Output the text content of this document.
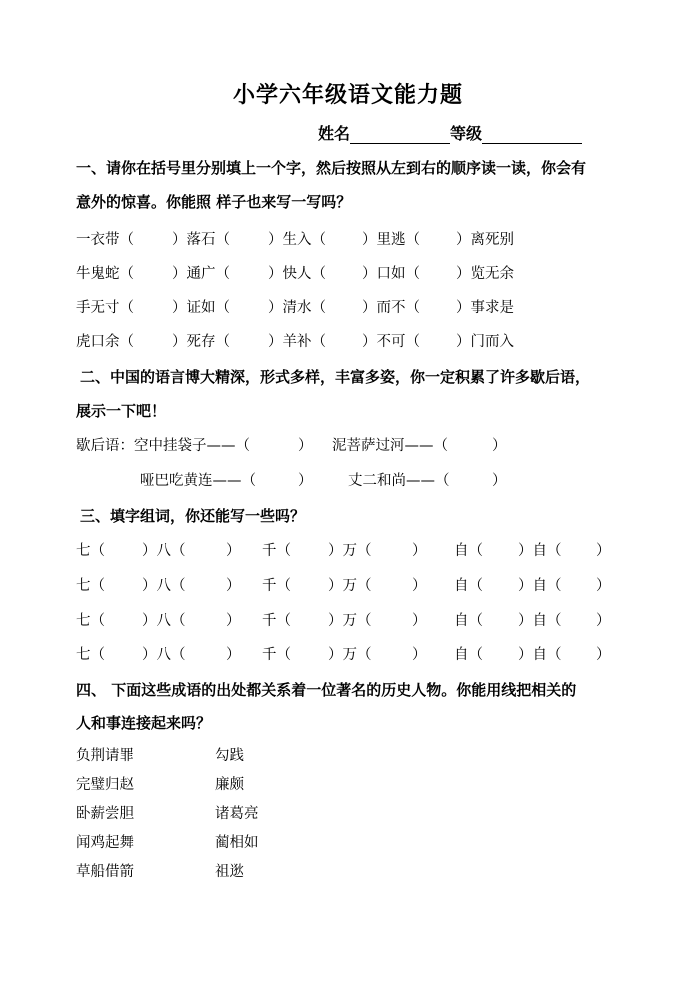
小学六年级语文能力题
姓名	等级
一、请你在括号里分别填上一个字，然后按照从左到右的顺序读一读，你会有
意外的惊喜。你能照 样子也来写一写吗？
一衣带（	）落石（	）生入（ ）里逃（ ）离死别
牛鬼蛇（	）通广（	）快人（ ）口如（ ）览无余
手无寸（	）证如（	）清水（ ）而不（ ）事求是
虎口余（	）死存（	）羊补（ ）不可（ ）门而入
二、中国的语言博大精深，形式多样，丰富多姿，你一定积累了许多歇后语，
展示一下吧！
歇后语：空中挂袋子——（	） 泥菩萨过河——（	）
哑巴吃黄连——（	） 丈二和尚——（	）
三、填字组词，你还能写一些吗？
七（	）八（	） 千（	）万（	） 自（ ）自（ ）
七（	）八（	） 千（	）万（	） 自（ ）自（ ）
七（	）八（	） 千（	）万（	） 自（ ）自（ ）
七（	）八（	） 千（	）万（	） 自（ ）自（ ）
四、 下面这些成语的出处都关系着一位著名的历史人物。你能用线把相关的
人和事连接起来吗？
负荆请罪	勾践
完璧归赵	廉颇
卧薪尝胆	诸葛亮
闻鸡起舞	蔺相如
草船借箭	祖逖
